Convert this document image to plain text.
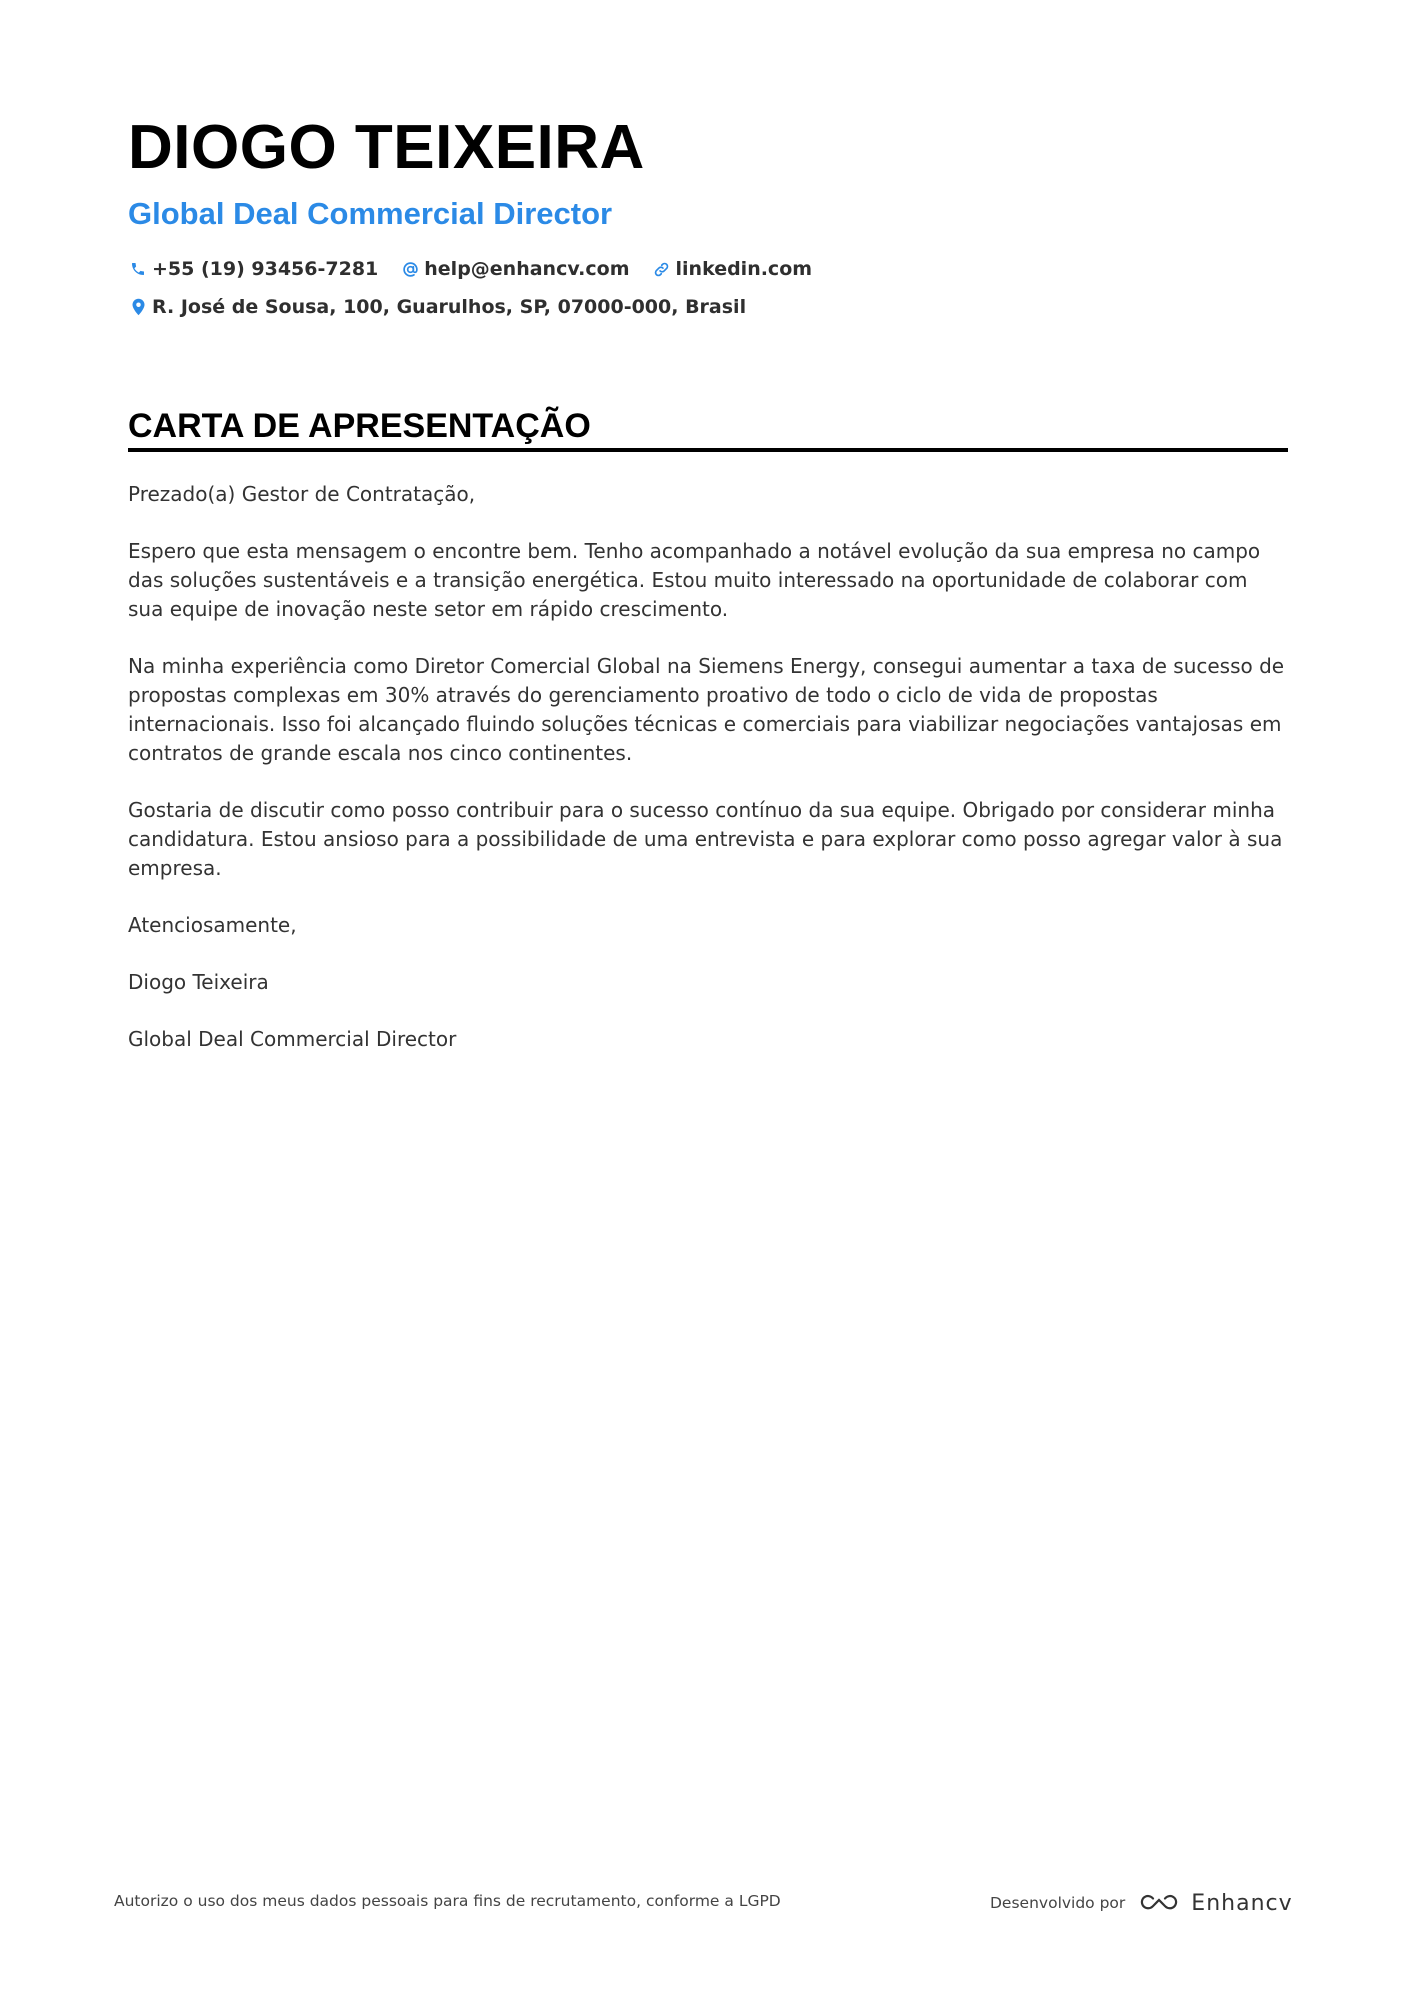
DIOGO TEIXEIRA
Global Deal Commercial Director
+55 (19) 93456-7281 help@enhancv.com linkedin.com
R. José de Sousa, 100, Guarulhos, SP, 07000-000, Brasil
CARTA DE APRESENTAÇÃO

Prezado(a) Gestor de Contratação,

Espero que esta mensagem o encontre bem. Tenho acompanhado a notável evolução da sua empresa no campo das soluções sustentáveis e a transição energética. Estou muito interessado na oportunidade de colaborar com sua equipe de inovação neste setor em rápido crescimento.

Na minha experiência como Diretor Comercial Global na Siemens Energy, consegui aumentar a taxa de sucesso de propostas complexas em 30% através do gerenciamento proativo de todo o ciclo de vida de propostas internacionais. Isso foi alcançado fluindo soluções técnicas e comerciais para viabilizar negociações vantajosas em contratos de grande escala nos cinco continentes.

Gostaria de discutir como posso contribuir para o sucesso contínuo da sua equipe. Obrigado por considerar minha candidatura. Estou ansioso para a possibilidade de uma entrevista e para explorar como posso agregar valor à sua empresa.

Atenciosamente,

Diogo Teixeira

Global Deal Commercial Director

Autorizo o uso dos meus dados pessoais para fins de recrutamento, conforme a LGPD	Desenvolvido por	Enhancv
